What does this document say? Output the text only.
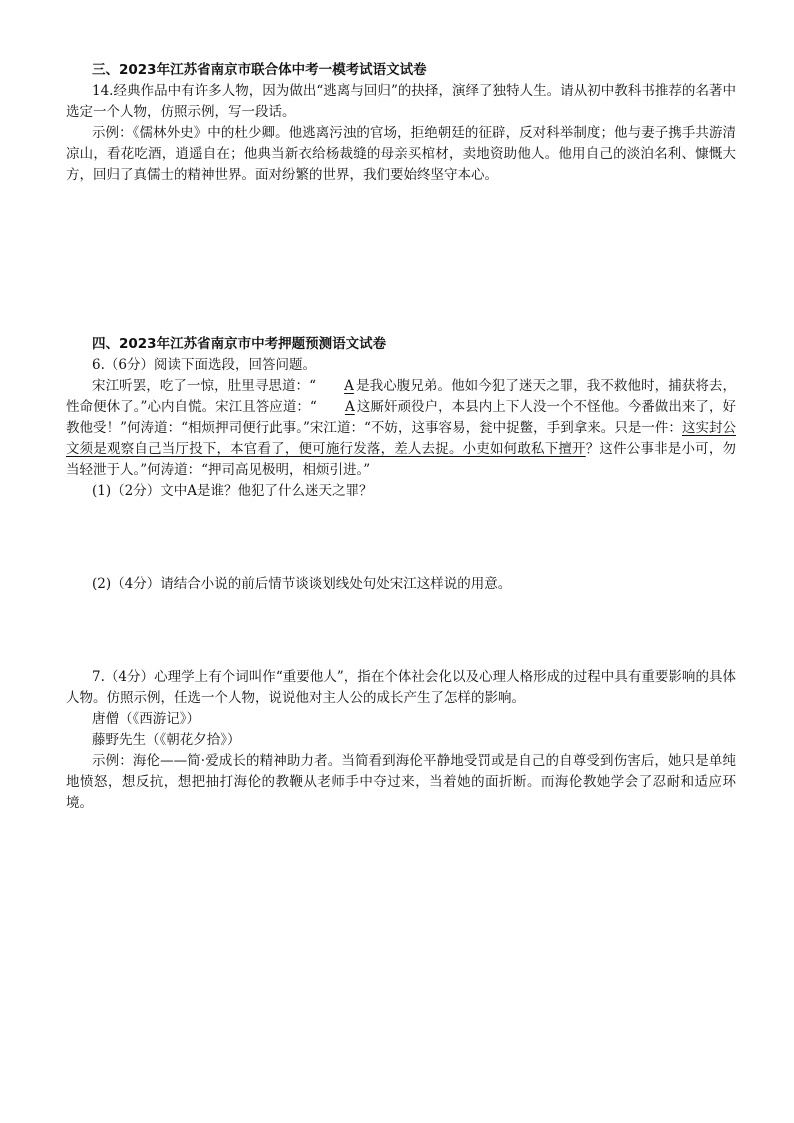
三、2023年江苏省南京市联合体中考一模考试语文试卷

14.经典作品中有许多人物，因为做出“逃离与回归”的抉择，演绎了独特人生。请从初中教科书推荐的名著中选定一个人物，仿照示例，写一段话。

示例：《儒林外史》中的杜少卿。他逃离污浊的官场，拒绝朝廷的征辟，反对科举制度；他与妻子携手共游清凉山，看花吃酒，逍遥自在；他典当新衣给杨裁缝的母亲买棺材，卖地资助他人。他用自己的淡泊名利、慷慨大方，回归了真儒士的精神世界。面对纷繁的世界，我们要始终坚守本心。

四、2023年江苏省南京市中考押题预测语文试卷

6.（6分）阅读下面选段，回答问题。

宋江听罢，吃了一惊，肚里寻思道：“ A 是我心腹兄弟。他如今犯了迷天之罪，我不救他时，捕获将去，性命便休了。”心内自慌。宋江且答应道：“ A 这厮奸顽役户，本县内上下人没一个不怪他。今番做出来了，好教他受！”何涛道：“相烦押司便行此事。”宋江道：“不妨，这事容易，瓮中捉鳖，手到拿来。只是一件：这实封公文须是观察自己当厅投下，本官看了，便可施行发落，差人去捉。小吏如何敢私下擅开？这件公事非是小可，勿当轻泄于人。”何涛道：“押司高见极明，相烦引进。”

(1)（2分）文中A是谁？他犯了什么迷天之罪？

(2)（4分）请结合小说的前后情节谈谈划线处句处宋江这样说的用意。

7.（4分）心理学上有个词叫作“重要他人”，指在个体社会化以及心理人格形成的过程中具有重要影响的具体人物。仿照示例，任选一个人物，说说他对主人公的成长产生了怎样的影响。

唐僧（《西游记》）
藤野先生（《朝花夕拾》）

示例：海伦——简·爱成长的精神助力者。当简看到海伦平静地受罚或是自己的自尊受到伤害后，她只是单纯地愤怒，想反抗，想把抽打海伦的教鞭从老师手中夺过来，当着她的面折断。而海伦教她学会了忍耐和适应环境。
